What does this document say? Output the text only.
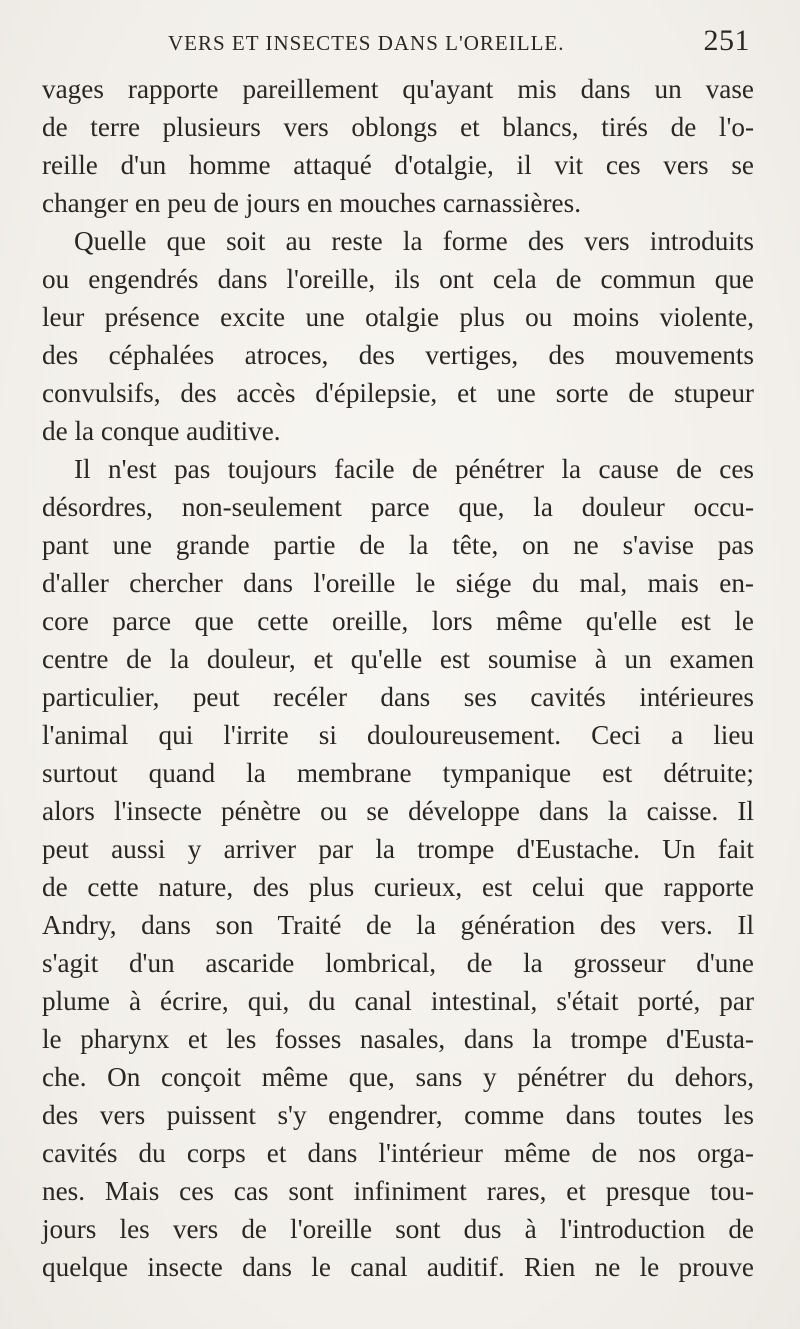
VERS ET INSECTES DANS L'OREILLE.	251
vages rapporte pareillement qu'ayant mis dans un vase
de terre plusieurs vers oblongs et blancs, tirés de l'o-
reille d'un homme attaqué d'otalgie, il vit ces vers se
changer en peu de jours en mouches carnassières.
Quelle que soit au reste la forme des vers introduits
ou engendrés dans l'oreille, ils ont cela de commun que
leur présence excite une otalgie plus ou moins violente,
des céphalées atroces, des vertiges, des mouvements
convulsifs, des accès d'épilepsie, et une sorte de stupeur
de la conque auditive.
Il n'est pas toujours facile de pénétrer la cause de ces
désordres, non-seulement parce que, la douleur occu-
pant une grande partie de la tête, on ne s'avise pas
d'aller chercher dans l'oreille le siége du mal, mais en-
core parce que cette oreille, lors même qu'elle est le
centre de la douleur, et qu'elle est soumise à un examen
particulier, peut recéler dans ses cavités intérieures
l'animal qui l'irrite si douloureusement. Ceci a lieu
surtout quand la membrane tympanique est détruite;
alors l'insecte pénètre ou se développe dans la caisse. Il
peut aussi y arriver par la trompe d'Eustache. Un fait
de cette nature, des plus curieux, est celui que rapporte
Andry, dans son Traité de la génération des vers. Il
s'agit d'un ascaride lombrical, de la grosseur d'une
plume à écrire, qui, du canal intestinal, s'était porté, par
le pharynx et les fosses nasales, dans la trompe d'Eusta-
che. On conçoit même que, sans y pénétrer du dehors,
des vers puissent s'y engendrer, comme dans toutes les
cavités du corps et dans l'intérieur même de nos orga-
nes. Mais ces cas sont infiniment rares, et presque tou-
jours les vers de l'oreille sont dus à l'introduction de
quelque insecte dans le canal auditif. Rien ne le prouve
